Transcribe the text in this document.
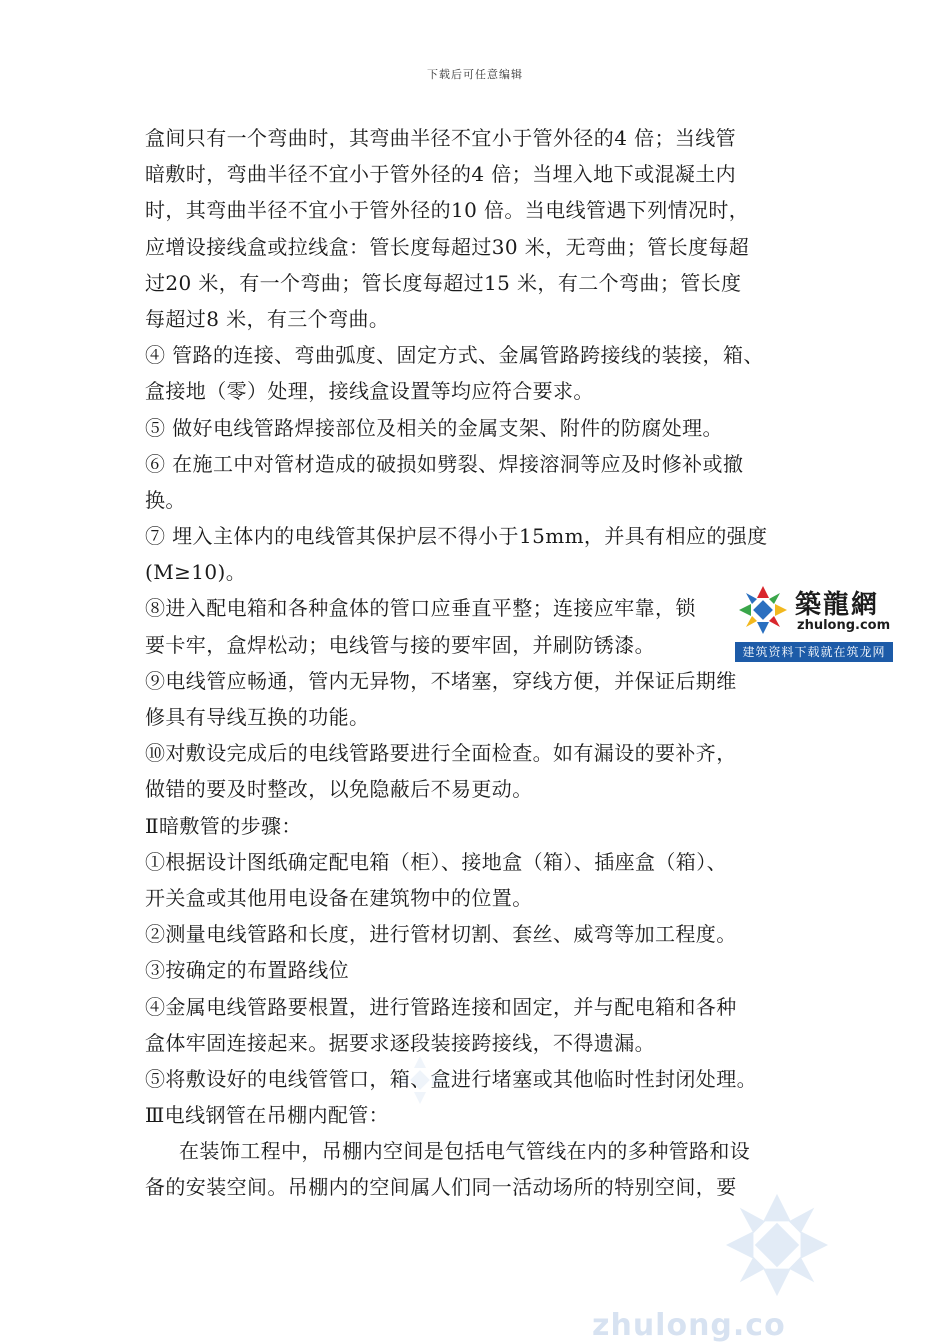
下载后可任意编辑
盒间只有一个弯曲时，其弯曲半径不宜小于管外径的4 倍；当线管
暗敷时，弯曲半径不宜小于管外径的4 倍；当埋入地下或混凝土内
时，其弯曲半径不宜小于管外径的10 倍。当电线管遇下列情况时，
应增设接线盒或拉线盒：管长度每超过30 米，无弯曲；管长度每超
过20 米，有一个弯曲；管长度每超过15 米，有二个弯曲；管长度
每超过8 米，有三个弯曲。
④ 管路的连接、弯曲弧度、固定方式、金属管路跨接线的装接，箱、
盒接地（零）处理，接线盒设置等均应符合要求。
⑤ 做好电线管路焊接部位及相关的金属支架、附件的防腐处理。
⑥ 在施工中对管材造成的破损如劈裂、焊接溶洞等应及时修补或撤
换。
⑦ 埋入主体内的电线管其保护层不得小于15mm，并具有相应的强度
(M≥10)。
⑧进入配电箱和各种盒体的管口应垂直平整；连接应牢靠，锁
要卡牢，盒焊松动；电线管与接的要牢固，并刷防锈漆。
⑨电线管应畅通，管内无异物，不堵塞，穿线方便，并保证后期维
修具有导线互换的功能。
⑩对敷设完成后的电线管路要进行全面检查。如有漏设的要补齐，
做错的要及时整改，以免隐蔽后不易更动。
Ⅱ暗敷管的步骤：
①根据设计图纸确定配电箱（柜）、接地盒（箱）、插座盒（箱）、
开关盒或其他用电设备在建筑物中的位置。
②测量电线管路和长度，进行管材切割、套丝、威弯等加工程度。
③按确定的布置路线位
④金属电线管路要根置，进行管路连接和固定，并与配电箱和各种
盒体牢固连接起来。据要求逐段装接跨接线，不得遗漏。
⑤将敷设好的电线管管口，箱、盒进行堵塞或其他临时性封闭处理。
Ⅲ电线钢管在吊棚内配管：
在装饰工程中，吊棚内空间是包括电气管线在内的多种管路和设
备的安装空间。吊棚内的空间属人们同一活动场所的特别空间，要
築龍網
zhulong.com
建筑资料下载就在筑龙网
zhulong.co
